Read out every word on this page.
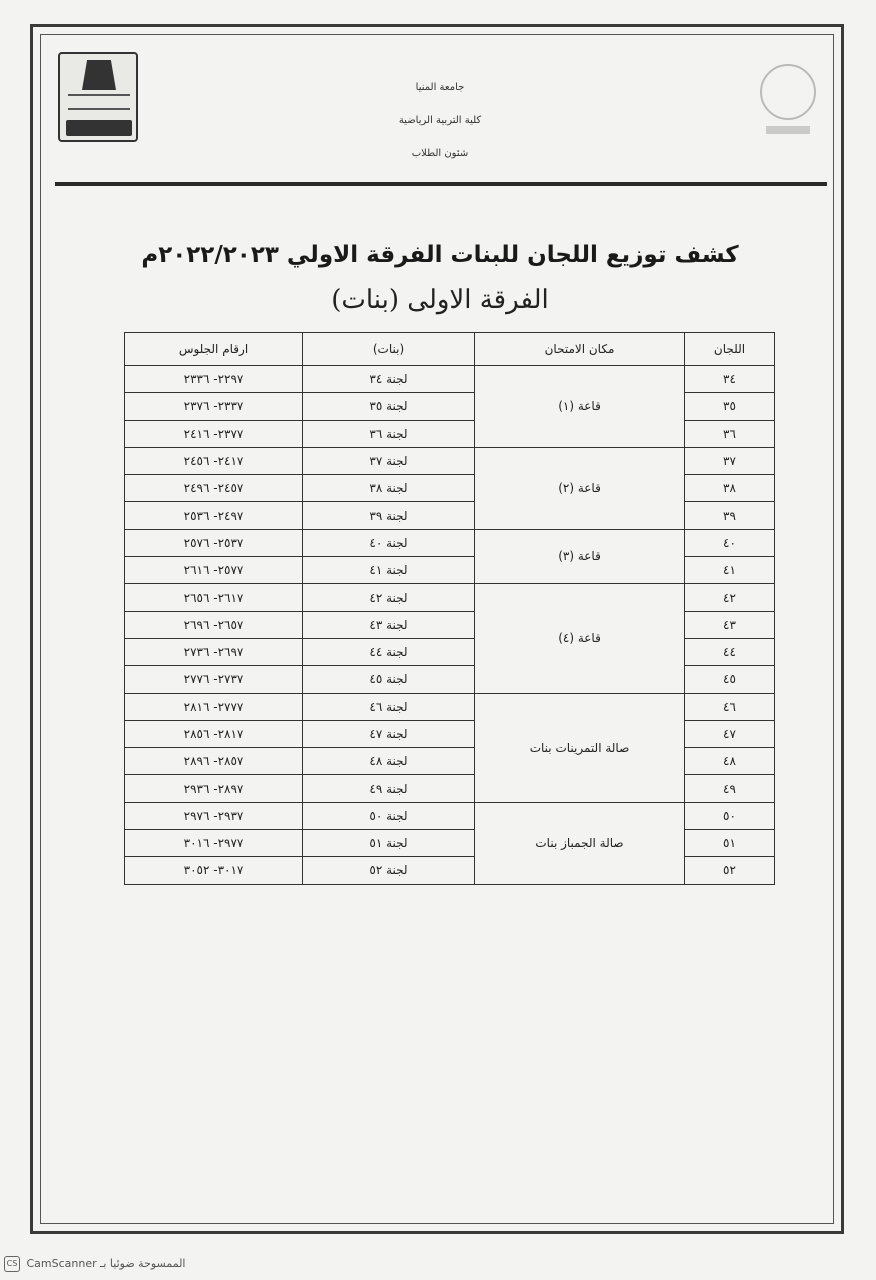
جامعة المنيا
كلية التربية الرياضية
شئون الطلاب
كشف توزيع اللجان للبنات الفرقة الاولي ٢٠٢٢/٢٠٢٣م
الفرقة الاولى (بنات)
اللجان	مكان الامتحان	(بنات)	ارقام الجلوس
٣٤	قاعة (١)	لجنة ٣٤	٢٢٩٧- ٢٣٣٦
٣٥		لجنة ٣٥	٢٣٣٧- ٢٣٧٦
٣٦		لجنة ٣٦	٢٣٧٧- ٢٤١٦
٣٧	قاعة (٢)	لجنة ٣٧	٢٤١٧- ٢٤٥٦
٣٨		لجنة ٣٨	٢٤٥٧- ٢٤٩٦
٣٩		لجنة ٣٩	٢٤٩٧- ٢٥٣٦
٤٠	قاعة (٣)	لجنة ٤٠	٢٥٣٧- ٢٥٧٦
٤١		لجنة ٤١	٢٥٧٧- ٢٦١٦
٤٢	قاعة (٤)	لجنة ٤٢	٢٦١٧- ٢٦٥٦
٤٣		لجنة ٤٣	٢٦٥٧- ٢٦٩٦
٤٤		لجنة ٤٤	٢٦٩٧- ٢٧٣٦
٤٥		لجنة ٤٥	٢٧٣٧- ٢٧٧٦
٤٦	صالة التمرينات بنات	لجنة ٤٦	٢٧٧٧- ٢٨١٦
٤٧		لجنة ٤٧	٢٨١٧- ٢٨٥٦
٤٨		لجنة ٤٨	٢٨٥٧- ٢٨٩٦
٤٩		لجنة ٤٩	٢٨٩٧- ٢٩٣٦
٥٠	صالة الجمباز بنات	لجنة ٥٠	٢٩٣٧- ٢٩٧٦
٥١		لجنة ٥١	٢٩٧٧- ٣٠١٦
٥٢		لجنة ٥٢	٣٠١٧- ٣٠٥٢
CS CamScanner الممسوحة ضوئيا بـ
